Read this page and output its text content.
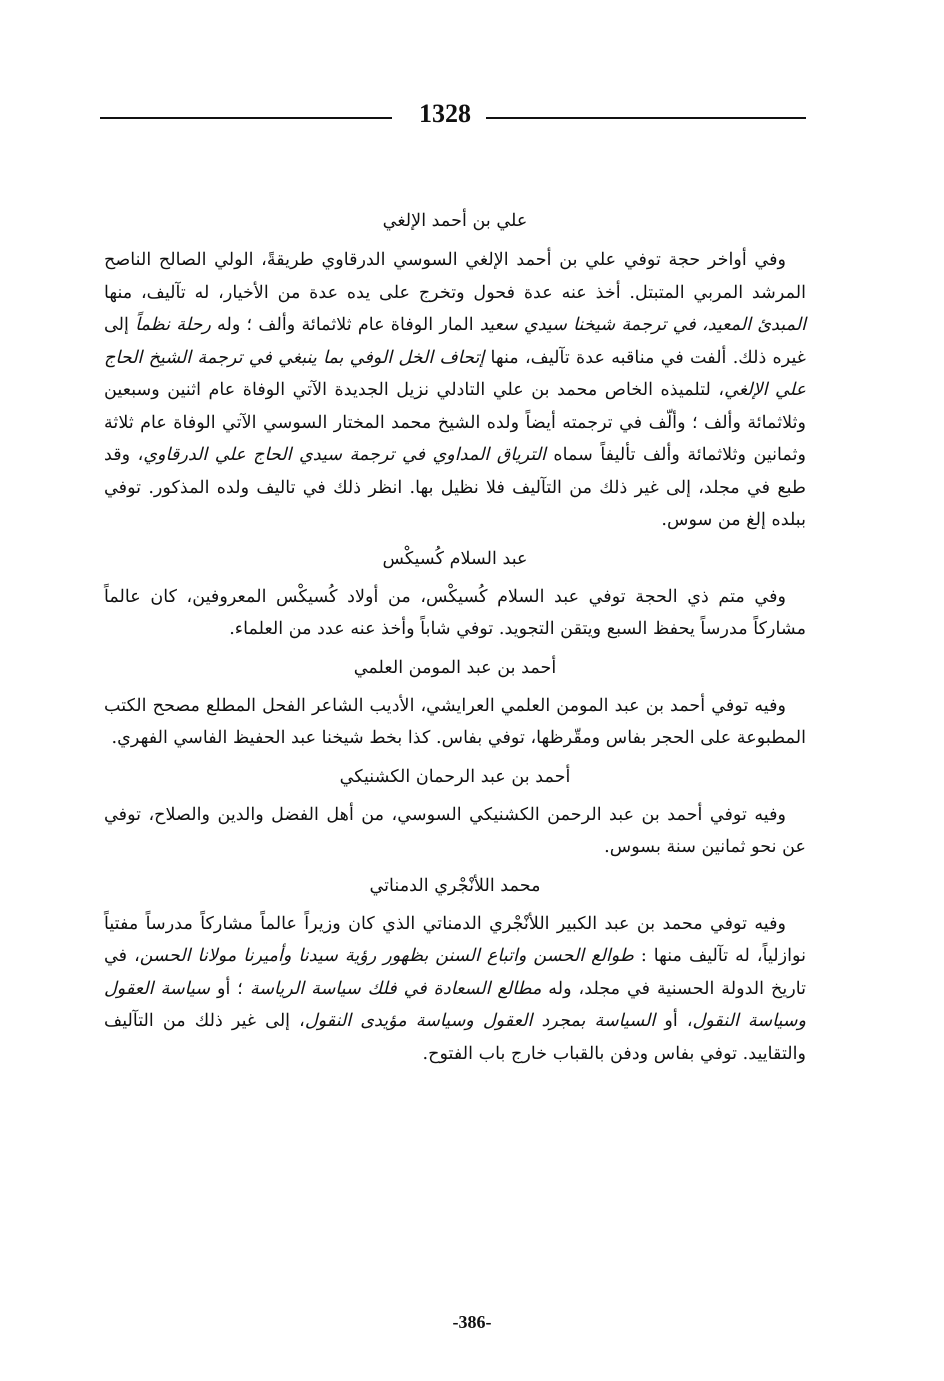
1328
علي بن أحمد الإلغي

وفي أواخر حجة توفي علي بن أحمد الإلغي السوسي الدرقاوي طريقةً، الولي الصالح الناصح المرشد المربي المتبتل. أخذ عنه عدة فحول وتخرج على يده عدة من الأخيار، له تآليف، منها المبدئ المعيد، في ترجمة شيخنا سيدي سعيد المار الوفاة عام ثلاثمائة وألف ؛ وله رحلة نظماً إلى غيره ذلك. ألفت في مناقبه عدة تآليف، منها إتحاف الخل الوفي بما ينبغي في ترجمة الشيخ الحاج علي الإلغي، لتلميذه الخاص محمد بن علي التادلي نزيل الجديدة الآتي الوفاة عام اثنين وسبعين وثلاثمائة وألف ؛ وألّف في ترجمته أيضاً ولده الشيخ محمد المختار السوسي الآتي الوفاة عام ثلاثة وثمانين وثلاثمائة وألف تأليفاً سماه الترياق المداوي في ترجمة سيدي الحاج علي الدرقاوي، وقد طبع في مجلد، إلى غير ذلك من التآليف فلا نظيل بها. انظر ذلك في تاليف ولده المذكور. توفي ببلده إلغ من سوس.

عبد السلام كُسيكْس

وفي متم ذي الحجة توفي عبد السلام كُسيكْس، من أولاد كُسيكْس المعروفين، كان عالماً مشاركاً مدرساً يحفظ السبع ويتقن التجويد. توفي شاباً وأخذ عنه عدد من العلماء.

أحمد بن عبد المومن العلمي

وفيه توفي أحمد بن عبد المومن العلمي العرايشي، الأديب الشاعر الفحل المطلع مصحح الكتب المطبوعة على الحجر بفاس ومقّرظها، توفي بفاس. كذا بخط شيخنا عبد الحفيظ الفاسي الفهري.

أحمد بن عبد الرحمان الكشنيكي

وفيه توفي أحمد بن عبد الرحمن الكشنيكي السوسي، من أهل الفضل والدين والصلاح، توفي عن نحو ثمانين سنة بسوس.

محمد اللأنْجْري الدمناتي

وفيه توفي محمد بن عبد الكبير اللأنْجْري الدمناتي الذي كان وزيراً عالماً مشاركاً مدرساً مفتياً نوازلياً، له تآليف منها : طوالع الحسن واتباع السنن بظهور رؤية سيدنا وأميرنا مولانا الحسن، في تاريخ الدولة الحسنية في مجلد، وله مطالع السعادة في فلك سياسة الرياسة ؛ أو سياسة العقول وسياسة النقول، أو السياسة بمجرد العقول وسياسة مؤيدى النقول، إلى غير ذلك من التآليف والتقاييد. توفي بفاس ودفن بالقباب خارج باب الفتوح.

-386-
